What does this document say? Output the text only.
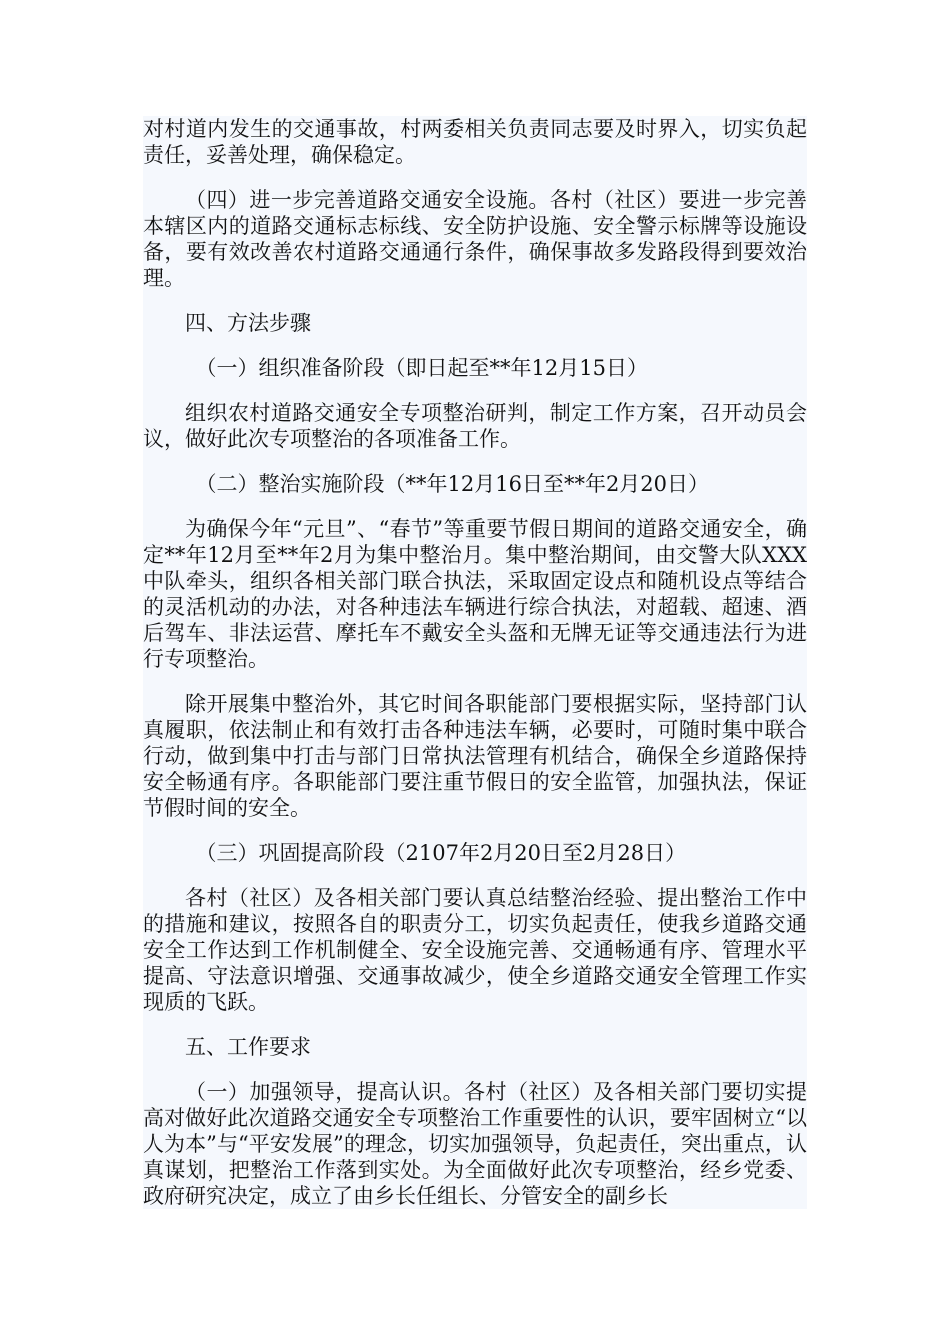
对村道内发生的交通事故，村两委相关负责同志要及时界入，切实负起责任，妥善处理，确保稳定。

（四）进一步完善道路交通安全设施。各村（社区）要进一步完善本辖区内的道路交通标志标线、安全防护设施、安全警示标牌等设施设备，要有效改善农村道路交通通行条件，确保事故多发路段得到要效治理。

四、方法步骤

（一）组织准备阶段（即日起至**年12月15日）

组织农村道路交通安全专项整治研判，制定工作方案，召开动员会议，做好此次专项整治的各项准备工作。

（二）整治实施阶段（**年12月16日至**年2月20日）

为确保今年“元旦”、“春节”等重要节假日期间的道路交通安全，确定**年12月至**年2月为集中整治月。集中整治期间，由交警大队XXX中队牵头，组织各相关部门联合执法，采取固定设点和随机设点等结合的灵活机动的办法，对各种违法车辆进行综合执法，对超载、超速、酒后驾车、非法运营、摩托车不戴安全头盔和无牌无证等交通违法行为进行专项整治。

除开展集中整治外，其它时间各职能部门要根据实际，坚持部门认真履职，依法制止和有效打击各种违法车辆，必要时，可随时集中联合行动，做到集中打击与部门日常执法管理有机结合，确保全乡道路保持安全畅通有序。各职能部门要注重节假日的安全监管，加强执法，保证节假时间的安全。

（三）巩固提高阶段（2107年2月20日至2月28日）

各村（社区）及各相关部门要认真总结整治经验、提出整治工作中的措施和建议，按照各自的职责分工，切实负起责任，使我乡道路交通安全工作达到工作机制健全、安全设施完善、交通畅通有序、管理水平提高、守法意识增强、交通事故减少，使全乡道路交通安全管理工作实现质的飞跃。

五、工作要求

（一）加强领导，提高认识。各村（社区）及各相关部门要切实提高对做好此次道路交通安全专项整治工作重要性的认识，要牢固树立“以人为本”与“平安发展”的理念，切实加强领导，负起责任，突出重点，认真谋划，把整治工作落到实处。为全面做好此次专项整治，经乡党委、政府研究决定，成立了由乡长任组长、分管安全的副乡长
